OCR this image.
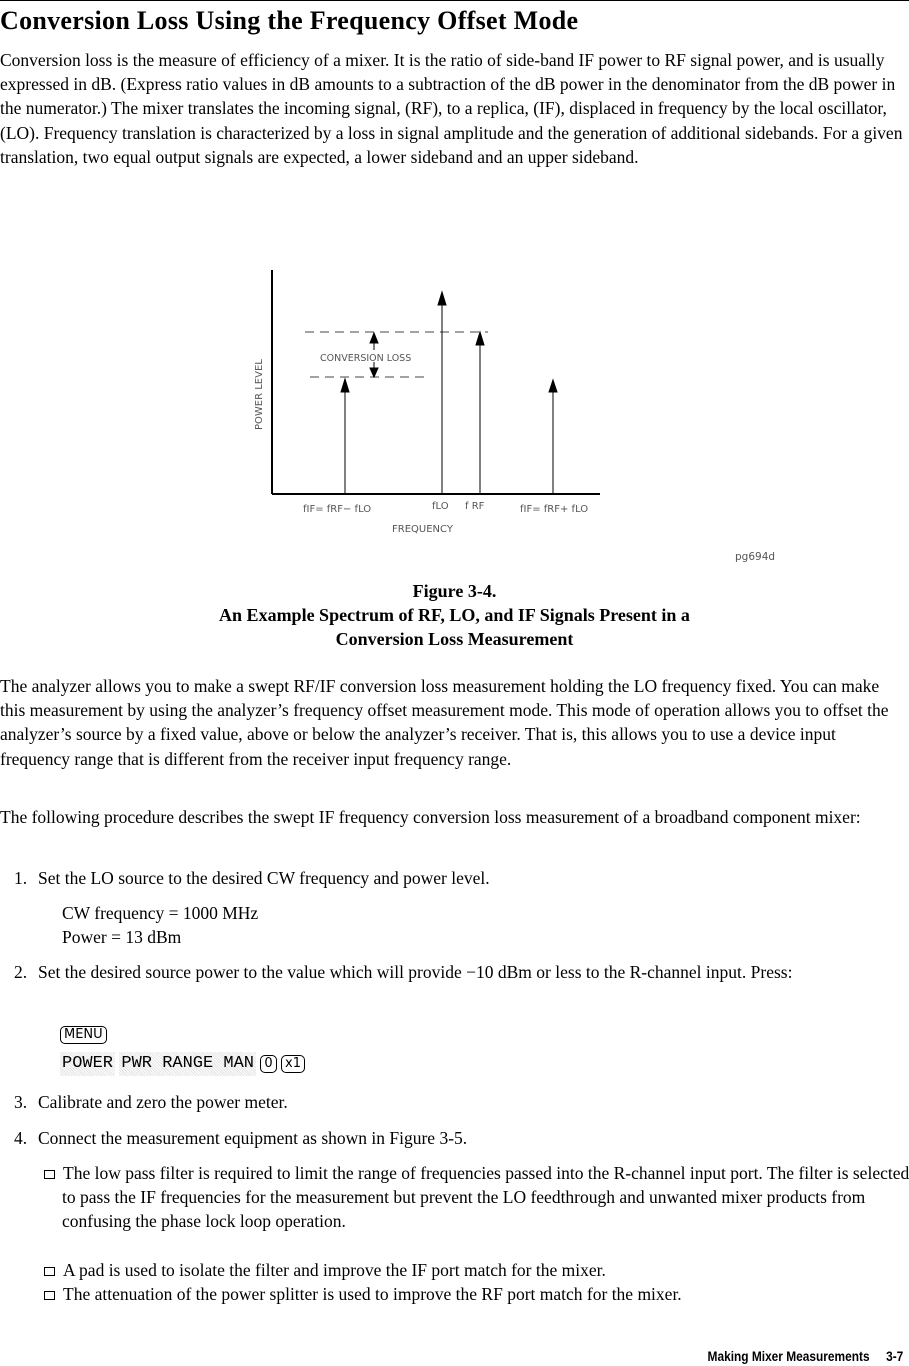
Conversion Loss Using the Frequency Offset Mode

Conversion loss is the measure of efficiency of a mixer. It is the ratio of side-band IF power to RF signal power, and is usually expressed in dB. (Express ratio values in dB amounts to a subtraction of the dB power in the denominator from the dB power in the numerator.) The mixer translates the incoming signal, (RF), to a replica, (IF), displaced in frequency by the local oscillator, (LO). Frequency translation is characterized by a loss in signal amplitude and the generation of additional sidebands. For a given translation, two equal output signals are expected, a lower sideband and an upper sideband.

POWER LEVEL
CONVERSION LOSS
fIF= fRF− fLO	fLO f RF	fIF= fRF+ fLO
FREQUENCY
pg694d
Figure 3-4.
An Example Spectrum of RF, LO, and IF Signals Present in a
Conversion Loss Measurement

The analyzer allows you to make a swept RF/IF conversion loss measurement holding the LO frequency fixed. You can make this measurement by using the analyzer’s frequency offset measurement mode. This mode of operation allows you to offset the analyzer’s source by a fixed value, above or below the analyzer’s receiver. That is, this allows you to use a device input frequency range that is different from the receiver input frequency range.

The following procedure describes the swept IF frequency conversion loss measurement of a broadband component mixer:

1. Set the LO source to the desired CW frequency and power level.
CW frequency = 1000 MHz
Power = 13 dBm
2. Set the desired source power to the value which will provide −10 dBm or less to the R-channel input. Press:
MENU
POWER PWR RANGE MAN 0 x1
3. Calibrate and zero the power meter.
4. Connect the measurement equipment as shown in Figure 3-5.
The low pass filter is required to limit the range of frequencies passed into the R-channel input port. The filter is selected to pass the IF frequencies for the measurement but prevent the LO feedthrough and unwanted mixer products from confusing the phase lock loop operation.
A pad is used to isolate the filter and improve the IF port match for the mixer.
The attenuation of the power splitter is used to improve the RF port match for the mixer.
Making Mixer Measurements     3-7
